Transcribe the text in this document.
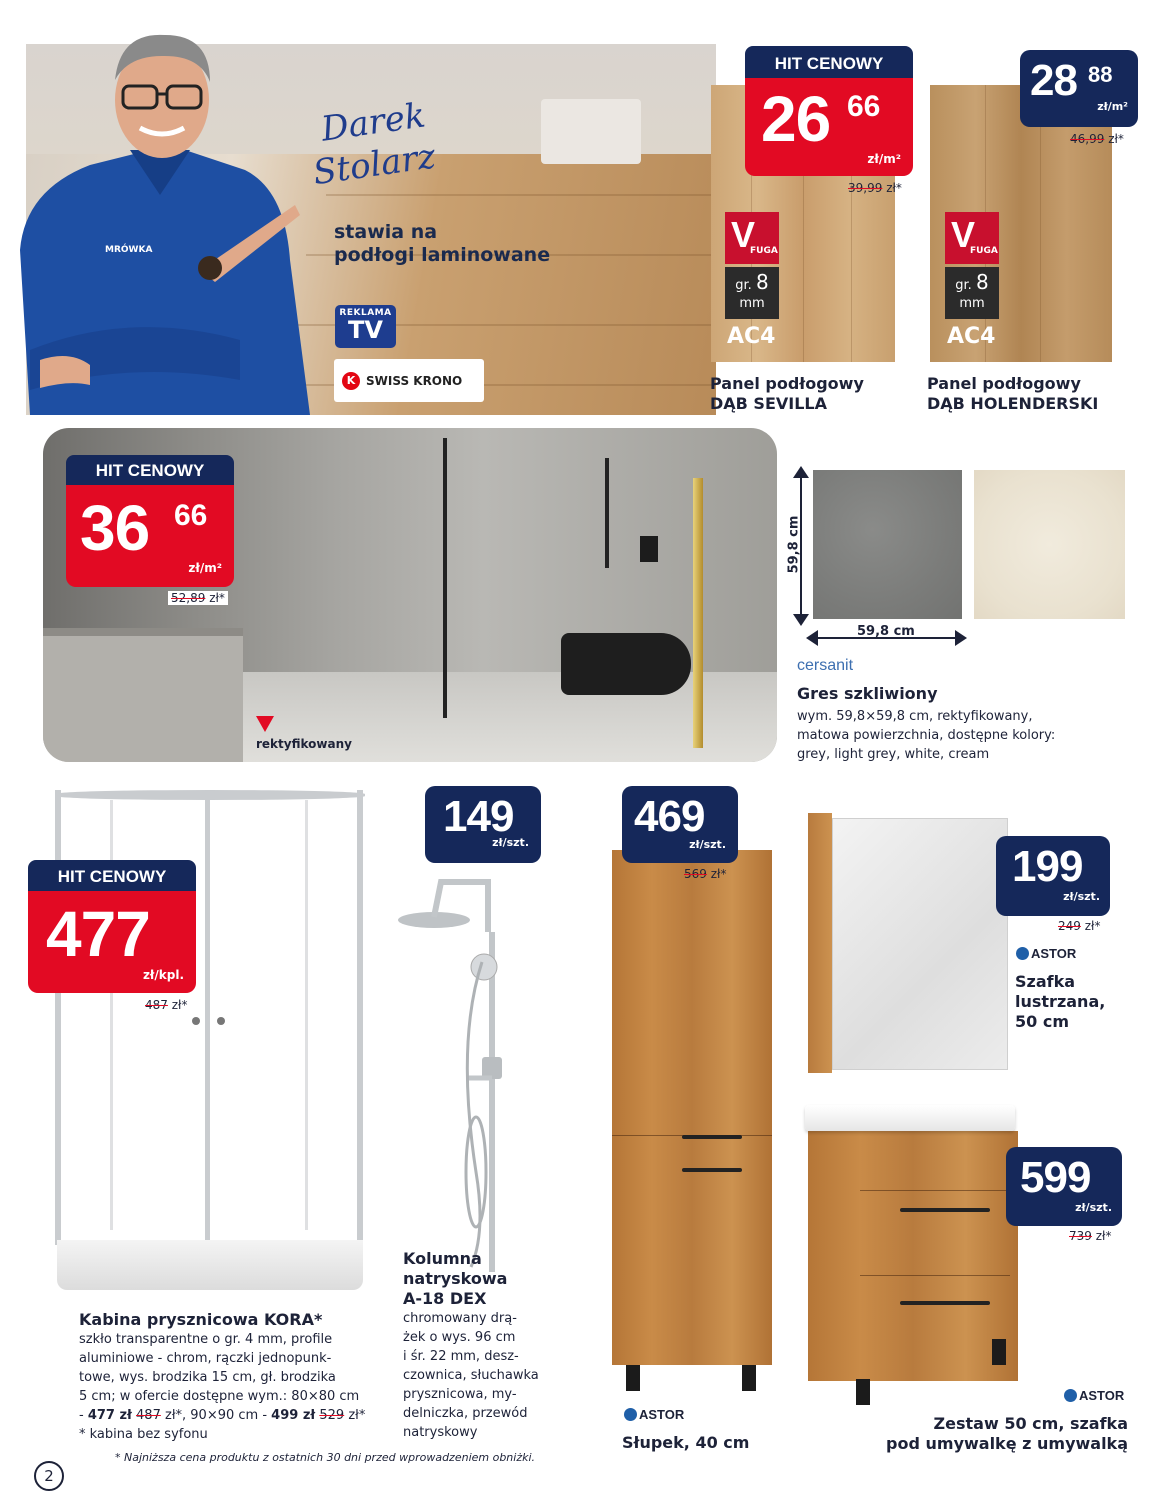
MRÓWKA
Darek
Stolarz
stawia na
podłogi laminowane
REKLAMA
TV
K SWISS KRONO
V
FUGA
gr. 8
mm
AC4
HIT CENOWY
26 66
zł/m²
39,99 zł*
Panel podłogowy
DĄB SEVILLA
V
FUGA
gr. 8
mm
AC4
28 88
zł/m²
46,99 zł*
Panel podłogowy
DĄB HOLENDERSKI
HIT CENOWY
36 66
zł/m²
52,89 zł*
rektyfikowany
59,8 cm
59,8 cm
cersanit
Gres szkliwiony
wym. 59,8×59,8 cm, rektyfikowany,
matowa powierzchnia, dostępne kolory:
grey, light grey, white, cream
HIT CENOWY
477
zł/kpl.
487 zł*
Kabina prysznicowa KORA*
szkło transparentne o gr. 4 mm, profile
aluminiowe - chrom, rączki jednopunk-
towe, wys. brodzika 15 cm, gł. brodzika
5 cm; w ofercie dostępne wym.: 80×80 cm
- 477 zł 487 zł*, 90×90 cm - 499 zł 529 zł*
* kabina bez syfonu
149
zł/szt.
Kolumna
natryskowa
A-18 DEX
chromowany drą-
żek o wys. 96 cm
i śr. 22 mm, desz-
czownica, słuchawka
prysznicowa, my-
delniczka, przewód
natryskowy
469
zł/szt.
569 zł*
ASTOR
Słupek, 40 cm
199
zł/szt.
249 zł*
ASTOR
Szafka
lustrzana,
50 cm
599
zł/szt.
739 zł*
ASTOR
Zestaw 50 cm, szafka
pod umywalkę z umywalką
2
* Najniższa cena produktu z ostatnich 30 dni przed wprowadzeniem obniżki.
